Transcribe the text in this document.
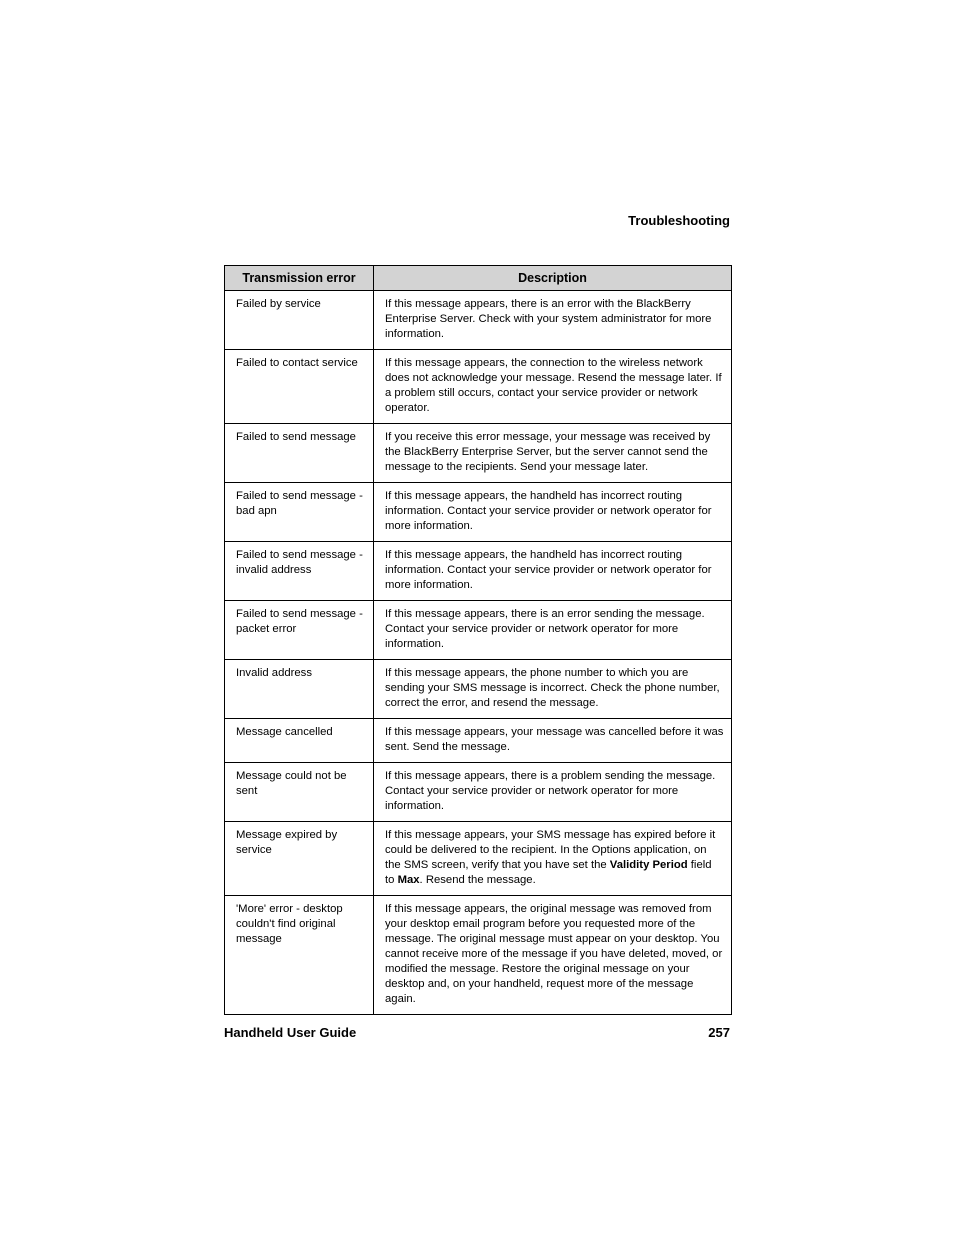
Troubleshooting
Transmission error	Description
Failed by service	If this message appears, there is an error with the BlackBerry Enterprise Server. Check with your system administrator for more information.
Failed to contact service	If this message appears, the connection to the wireless network does not acknowledge your message. Resend the message later. If a problem still occurs, contact your service provider or network operator.
Failed to send message	If you receive this error message, your message was received by the BlackBerry Enterprise Server, but the server cannot send the message to the recipients. Send your message later.
Failed to send message - bad apn	If this message appears, the handheld has incorrect routing information. Contact your service provider or network operator for more information.
Failed to send message - invalid address	If this message appears, the handheld has incorrect routing information. Contact your service provider or network operator for more information.
Failed to send message - packet error	If this message appears, there is an error sending the message. Contact your service provider or network operator for more information.
Invalid address	If this message appears, the phone number to which you are sending your SMS message is incorrect. Check the phone number, correct the error, and resend the message.
Message cancelled	If this message appears, your message was cancelled before it was sent. Send the message.
Message could not be sent	If this message appears, there is a problem sending the message. Contact your service provider or network operator for more information.
Message expired by service	If this message appears, your SMS message has expired before it could be delivered to the recipient. In the Options application, on the SMS screen, verify that you have set the Validity Period field to Max. Resend the message.
'More' error - desktop couldn't find original message	If this message appears, the original message was removed from your desktop email program before you requested more of the message. The original message must appear on your desktop. You cannot receive more of the message if you have deleted, moved, or modified the message. Restore the original message on your desktop and, on your handheld, request more of the message again.
Handheld User Guide	257
